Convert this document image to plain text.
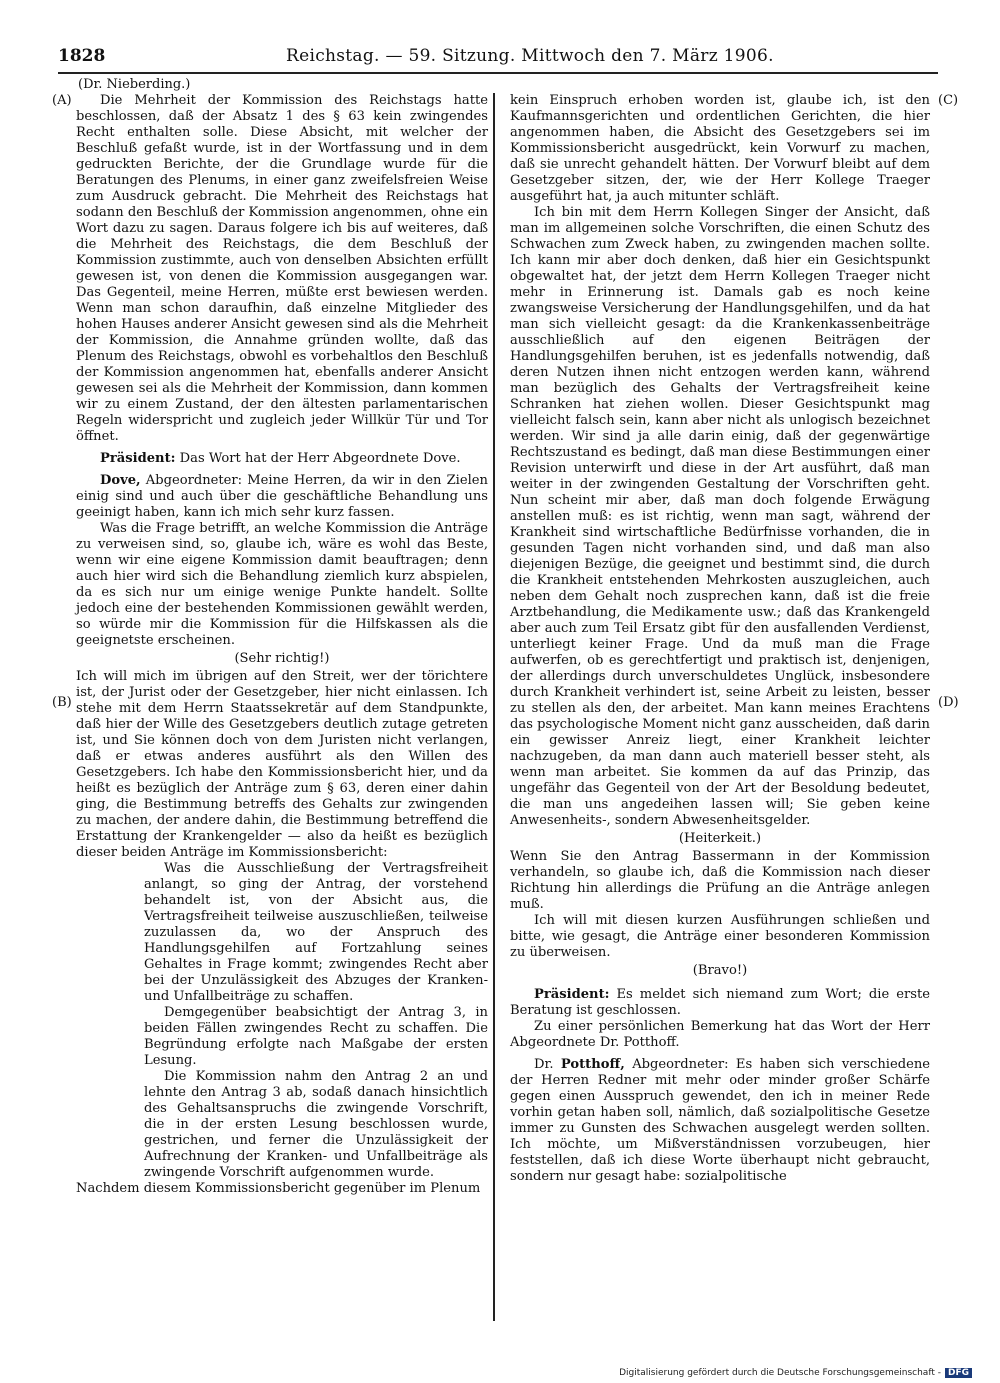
1828	Reichstag. — 59. Sitzung. Mittwoch den 7. März 1906.
(Dr. Nieberding.)
(A)
(B)
(C)
(D)

Die Mehrheit der Kommission des Reichstags hatte beschlossen, daß der Absatz 1 des § 63 kein zwingendes Recht enthalten solle. Diese Absicht, mit welcher der Beschluß gefaßt wurde, ist in der Wortfassung und in dem gedruckten Berichte, der die Grundlage wurde für die Beratungen des Plenums, in einer ganz zweifelsfreien Weise zum Ausdruck gebracht. Die Mehrheit des Reichstags hat sodann den Beschluß der Kommission angenommen, ohne ein Wort dazu zu sagen. Daraus folgere ich bis auf weiteres, daß die Mehrheit des Reichstags, die dem Beschluß der Kommission zustimmte, auch von denselben Absichten erfüllt gewesen ist, von denen die Kommission ausgegangen war. Das Gegenteil, meine Herren, müßte erst bewiesen werden. Wenn man schon daraufhin, daß einzelne Mitglieder des hohen Hauses anderer Ansicht gewesen sind als die Mehrheit der Kommission, die Annahme gründen wollte, daß das Plenum des Reichstags, obwohl es vorbehaltlos den Beschluß der Kommission angenommen hat, ebenfalls anderer Ansicht gewesen sei als die Mehrheit der Kommission, dann kommen wir zu einem Zustand, der den ältesten parlamentarischen Regeln widerspricht und zugleich jeder Willkür Tür und Tor öffnet.

Präsident: Das Wort hat der Herr Abgeordnete Dove.

Dove, Abgeordneter: Meine Herren, da wir in den Zielen einig sind und auch über die geschäftliche Behandlung uns geeinigt haben, kann ich mich sehr kurz fassen.

Was die Frage betrifft, an welche Kommission die Anträge zu verweisen sind, so, glaube ich, wäre es wohl das Beste, wenn wir eine eigene Kommission damit beauftragen; denn auch hier wird sich die Behandlung ziemlich kurz abspielen, da es sich nur um einige wenige Punkte handelt. Sollte jedoch eine der bestehenden Kommissionen gewählt werden, so würde mir die Kommission für die Hilfskassen als die geeignetste erscheinen.

(Sehr richtig!)

Ich will mich im übrigen auf den Streit, wer der törichtere ist, der Jurist oder der Gesetzgeber, hier nicht einlassen. Ich stehe mit dem Herrn Staatssekretär auf dem Standpunkte, daß hier der Wille des Gesetzgebers deutlich zutage getreten ist, und Sie können doch von dem Juristen nicht verlangen, daß er etwas anderes ausführt als den Willen des Gesetzgebers. Ich habe den Kommissionsbericht hier, und da heißt es bezüglich der Anträge zum § 63, deren einer dahin ging, die Bestimmung betreffs des Gehalts zur zwingenden zu machen, der andere dahin, die Bestimmung betreffend die Erstattung der Krankengelder — also da heißt es bezüglich dieser beiden Anträge im Kommissionsbericht:

Was die Ausschließung der Vertragsfreiheit anlangt, so ging der Antrag, der vorstehend behandelt ist, von der Absicht aus, die Vertragsfreiheit teilweise auszuschließen, teilweise zuzulassen da, wo der Anspruch des Handlungsgehilfen auf Fortzahlung seines Gehaltes in Frage kommt; zwingendes Recht aber bei der Unzulässigkeit des Abzuges der Kranken- und Unfallbeiträge zu schaffen.

Demgegenüber beabsichtigt der Antrag 3, in beiden Fällen zwingendes Recht zu schaffen. Die Begründung erfolgte nach Maßgabe der ersten Lesung.

Die Kommission nahm den Antrag 2 an und lehnte den Antrag 3 ab, sodaß danach hinsichtlich des Gehaltsanspruchs die zwingende Vorschrift, die in der ersten Lesung beschlossen wurde, gestrichen, und ferner die Unzulässigkeit der Aufrechnung der Kranken- und Unfallbeiträge als zwingende Vorschrift aufgenommen wurde.

Nachdem diesem Kommissionsbericht gegenüber im Plenum

kein Einspruch erhoben worden ist, glaube ich, ist den Kaufmannsgerichten und ordentlichen Gerichten, die hier angenommen haben, die Absicht des Gesetzgebers sei im Kommissionsbericht ausgedrückt, kein Vorwurf zu machen, daß sie unrecht gehandelt hätten. Der Vorwurf bleibt auf dem Gesetzgeber sitzen, der, wie der Herr Kollege Traeger ausgeführt hat, ja auch mitunter schläft.

Ich bin mit dem Herrn Kollegen Singer der Ansicht, daß man im allgemeinen solche Vorschriften, die einen Schutz des Schwachen zum Zweck haben, zu zwingenden machen sollte. Ich kann mir aber doch denken, daß hier ein Gesichtspunkt obgewaltet hat, der jetzt dem Herrn Kollegen Traeger nicht mehr in Erinnerung ist. Damals gab es noch keine zwangsweise Versicherung der Handlungsgehilfen, und da hat man sich vielleicht gesagt: da die Krankenkassenbeiträge ausschließlich auf den eigenen Beiträgen der Handlungsgehilfen beruhen, ist es jedenfalls notwendig, daß deren Nutzen ihnen nicht entzogen werden kann, während man bezüglich des Gehalts der Vertragsfreiheit keine Schranken hat ziehen wollen. Dieser Gesichtspunkt mag vielleicht falsch sein, kann aber nicht als unlogisch bezeichnet werden. Wir sind ja alle darin einig, daß der gegenwärtige Rechtszustand es bedingt, daß man diese Bestimmungen einer Revision unterwirft und diese in der Art ausführt, daß man weiter in der zwingenden Gestaltung der Vorschriften geht. Nun scheint mir aber, daß man doch folgende Erwägung anstellen muß: es ist richtig, wenn man sagt, während der Krankheit sind wirtschaftliche Bedürfnisse vorhanden, die in gesunden Tagen nicht vorhanden sind, und daß man also diejenigen Bezüge, die geeignet und bestimmt sind, die durch die Krankheit entstehenden Mehrkosten auszugleichen, auch neben dem Gehalt noch zusprechen kann, daß ist die freie Arztbehandlung, die Medikamente usw.; daß das Krankengeld aber auch zum Teil Ersatz gibt für den ausfallenden Verdienst, unterliegt keiner Frage. Und da muß man die Frage aufwerfen, ob es gerechtfertigt und praktisch ist, denjenigen, der allerdings durch unverschuldetes Unglück, insbesondere durch Krankheit verhindert ist, seine Arbeit zu leisten, besser zu stellen als den, der arbeitet. Man kann meines Erachtens das psychologische Moment nicht ganz ausscheiden, daß darin ein gewisser Anreiz liegt, einer Krankheit leichter nachzugeben, da man dann auch materiell besser steht, als wenn man arbeitet. Sie kommen da auf das Prinzip, das ungefähr das Gegenteil von der Art der Besoldung bedeutet, die man uns angedeihen lassen will; Sie geben keine Anwesenheits-, sondern Abwesenheitsgelder.

(Heiterkeit.)

Wenn Sie den Antrag Bassermann in der Kommission verhandeln, so glaube ich, daß die Kommission nach dieser Richtung hin allerdings die Prüfung an die Anträge anlegen muß.

Ich will mit diesen kurzen Ausführungen schließen und bitte, wie gesagt, die Anträge einer besonderen Kommission zu überweisen.

(Bravo!)

Präsident: Es meldet sich niemand zum Wort; die erste Beratung ist geschlossen.

Zu einer persönlichen Bemerkung hat das Wort der Herr Abgeordnete Dr. Potthoff.

Dr. Potthoff, Abgeordneter: Es haben sich verschiedene der Herren Redner mit mehr oder minder großer Schärfe gegen einen Ausspruch gewendet, den ich in meiner Rede vorhin getan haben soll, nämlich, daß sozialpolitische Gesetze immer zu Gunsten des Schwachen ausgelegt werden sollten. Ich möchte, um Mißverständnissen vorzubeugen, hier feststellen, daß ich diese Worte überhaupt nicht gebraucht, sondern nur gesagt habe: sozialpolitische

Digitalisierung gefördert durch die Deutsche Forschungsgemeinschaft - DFG
